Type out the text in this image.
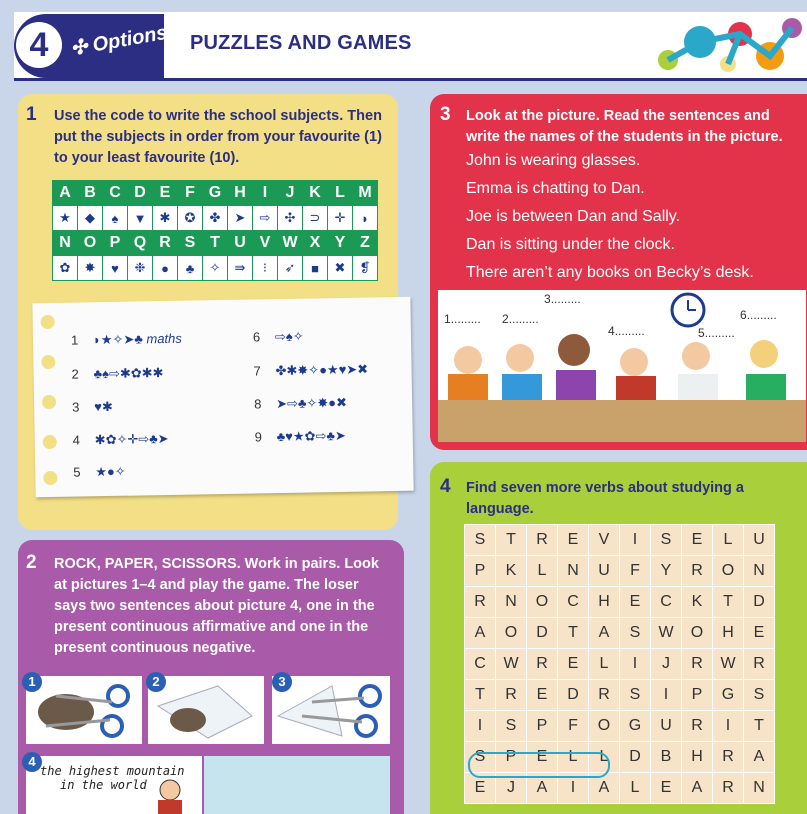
4	✣ Options PUZZLES AND GAMES
1 Use the code to write the school subjects. Then
put the subjects in order from your favourite (1)
to your least favourite (10).
A	B	C	D	E	F	G	H	I	J	K	L	M
★	◆	♠	▼	✱	✪	✤	➤	⇨	✣	⊃	✛	◗
N	O	P	Q	R	S	T	U	V	W	X	Y	Z
✿	✸	♥	❉	●	♣	✧	⇛	⁝	➶	■	✖	❡
1 ◗★✧➤♣ maths
2 ♣♠⇨✱✿✱✱
3 ♥✱
4 ✱✿✧✛⇨♣➤
5 ★●✧
6 ⇨♠✧
7 ✤✱✸✧●★♥➤✖
8 ➤⇨♣✧✸●✖
9 ♣♥★✿⇨♣➤
2 ROCK, PAPER, SCISSORS. Work in pairs. Look
at pictures 1–4 and play the game. The loser
says two sentences about picture 4, one in the
present continuous affirmative and one in the
present continuous negative.
1	2	3
the highest mountain
in the world
4
3 Look at the picture. Read the sentences and
write the names of the students in the picture.
John is wearing glasses.
Emma is chatting to Dan.
Joe is between Dan and Sally.
Dan is sitting under the clock.
There aren’t any books on Becky’s desk.
1......... 2.........
3.........
4.........	5.........
6.........
4 Find seven more verbs about studying a
language.
S	T	R	E	V	I	S	E	L	U
P	K	L	N	U	F	Y	R	O	N
R	N	O	C	H	E	C	K	T	D
A	O	D	T	A	S	W	O	H	E
C	W	R	E	L	I	J	R	W	R
T	R	E	D	R	S	I	P	G	S
I	S	P	F	O	G	U	R	I	T
S	P	E	L	L	D	B	H	R	A
E	J	A	I	A	L	E	A	R	N
